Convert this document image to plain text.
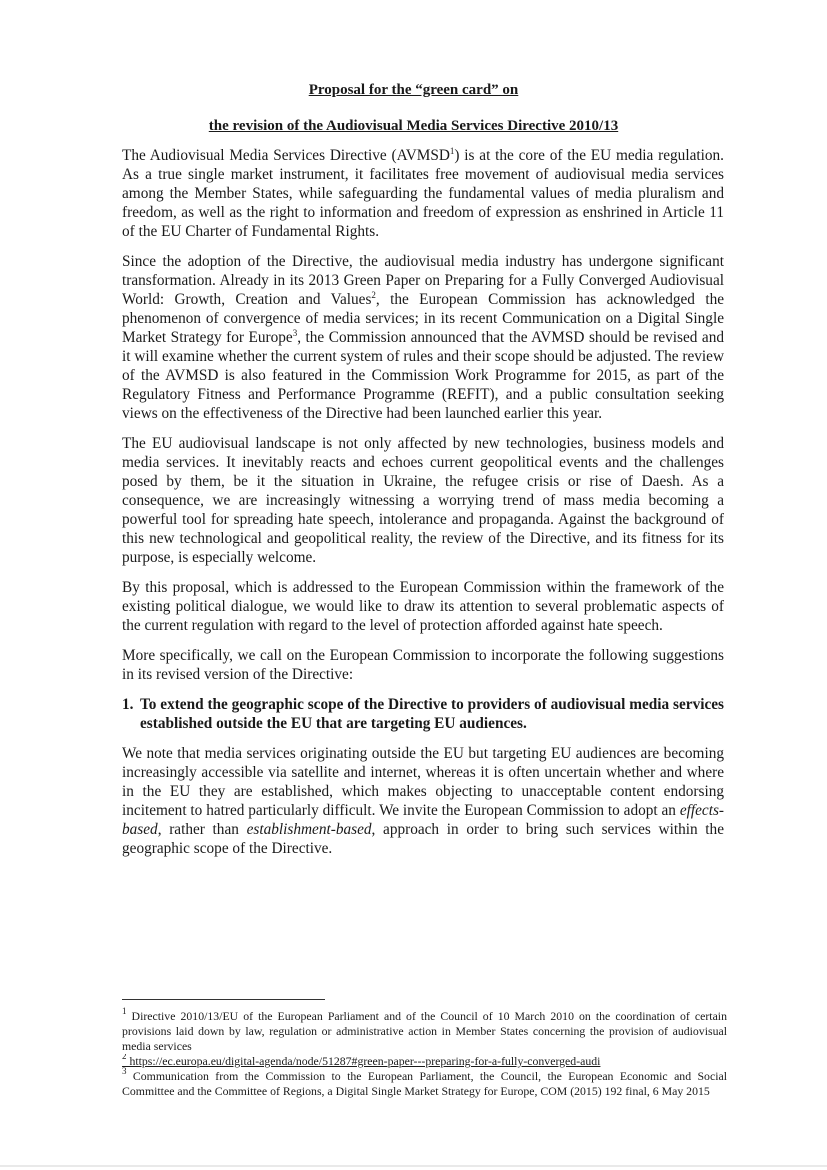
Proposal for the “green card” on
the revision of the Audiovisual Media Services Directive 2010/13

The Audiovisual Media Services Directive (AVMSD$^1$) is at the core of the EU media regulation. As a true single market instrument, it facilitates free movement of audiovisual media services among the Member States, while safeguarding the fundamental values of media pluralism and freedom, as well as the right to information and freedom of expression as enshrined in Article 11 of the EU Charter of Fundamental Rights.

Since the adoption of the Directive, the audiovisual media industry has undergone significant transformation. Already in its 2013 Green Paper on Preparing for a Fully Converged Audiovisual World: Growth, Creation and Values$^2$, the European Commission has acknowledged the phenomenon of convergence of media services; in its recent Communication on a Digital Single Market Strategy for Europe$^3$, the Commission announced that the AVMSD should be revised and it will examine whether the current system of rules and their scope should be adjusted. The review of the AVMSD is also featured in the Commission Work Programme for 2015, as part of the Regulatory Fitness and Performance Programme (REFIT), and a public consultation seeking views on the effectiveness of the Directive had been launched earlier this year.

The EU audiovisual landscape is not only affected by new technologies, business models and media services. It inevitably reacts and echoes current geopolitical events and the challenges posed by them, be it the situation in Ukraine, the refugee crisis or rise of Daesh. As a consequence, we are increasingly witnessing a worrying trend of mass media becoming a powerful tool for spreading hate speech, intolerance and propaganda. Against the background of this new technological and geopolitical reality, the review of the Directive, and its fitness for its purpose, is especially welcome.

By this proposal, which is addressed to the European Commission within the framework of the existing political dialogue, we would like to draw its attention to several problematic aspects of the current regulation with regard to the level of protection afforded against hate speech.

More specifically, we call on the European Commission to incorporate the following suggestions in its revised version of the Directive:

1. To extend the geographic scope of the Directive to providers of audiovisual media services established outside the EU that are targeting EU audiences.

We note that media services originating outside the EU but targeting EU audiences are becoming increasingly accessible via satellite and internet, whereas it is often uncertain whether and where in the EU they are established, which makes objecting to unacceptable content endorsing incitement to hatred particularly difficult. We invite the European Commission to adopt an effects-based, rather than establishment-based, approach in order to bring such services within the geographic scope of the Directive.

$^1$ Directive 2010/13/EU of the European Parliament and of the Council of 10 March 2010 on the coordination of certain provisions laid down by law, regulation or administrative action in Member States concerning the provision of audiovisual media services

$^2$ https://ec.europa.eu/digital-agenda/node/51287#green-paper---preparing-for-a-fully-converged-audi

$^3$ Communication from the Commission to the European Parliament, the Council, the European Economic and Social Committee and the Committee of Regions, a Digital Single Market Strategy for Europe, COM (2015) 192 final, 6 May 2015
